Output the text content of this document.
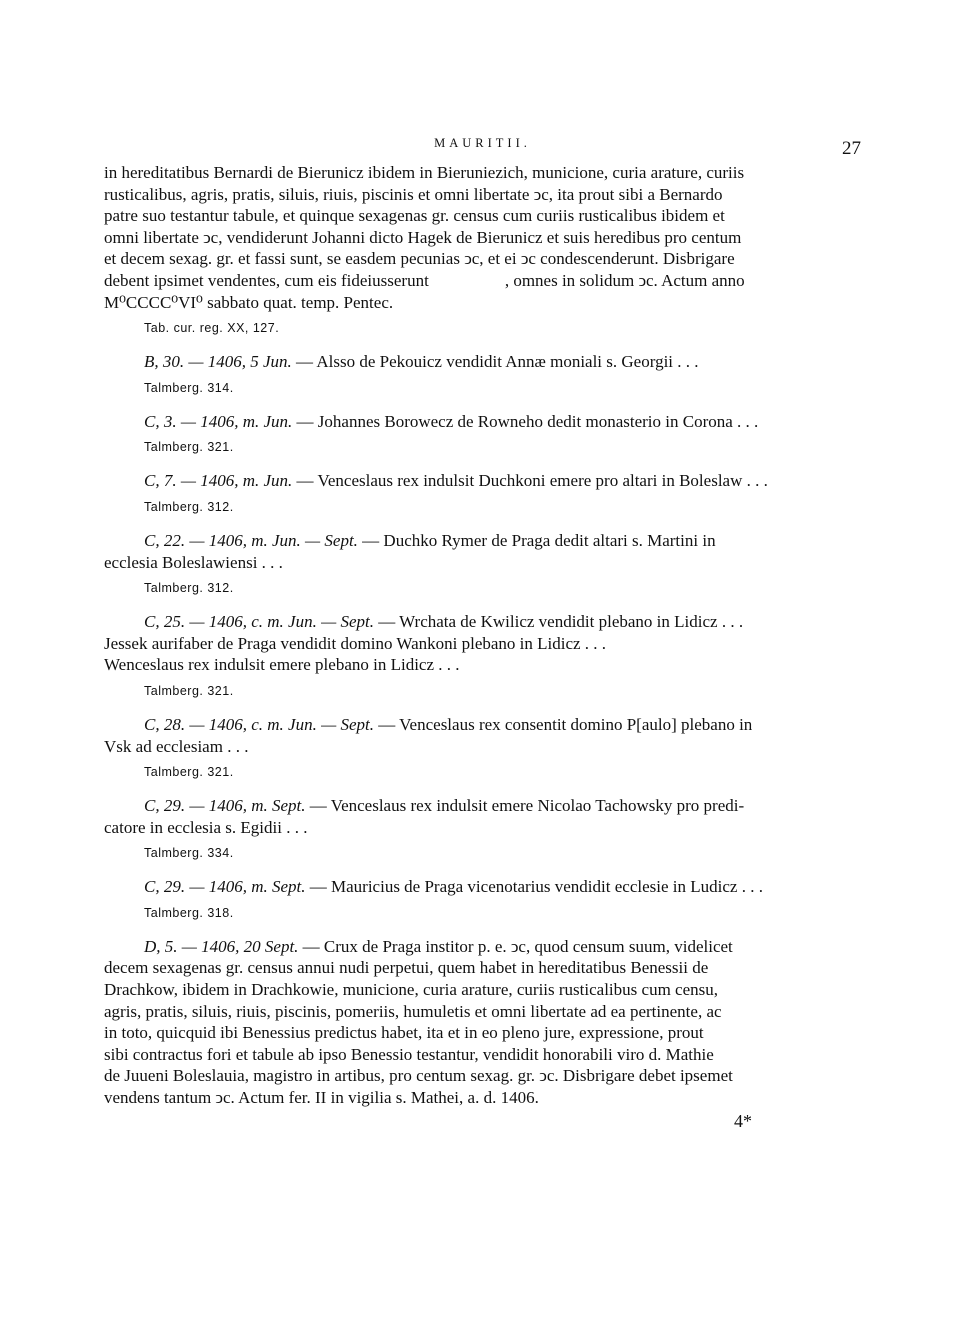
MAURITII.	27

in hereditatibus Bernardi de Bierunicz ibidem in Bierunieziсh, municione, curia arature, curiis
rusticalibus, agris, pratis, siluis, riuis, piscinis et omni libertate ͻc, ita prout sibi a Bernardo
patre suo testantur tabule, et quinque sexagenas gr. census cum curiis rusticalibus ibidem et
omni libertate ͻc, vendiderunt Johanni dicto Hagek de Bierunicz et suis heredibus pro centum
et decem sexag. gr. et fassi sunt, se easdem pecunias ͻc, et ei ͻc condescenderunt. Disbrigare
debent ipsimet vendentes, cum eis fideiusserunt	, omnes in solidum ͻc. Actum anno
M⁰CCCC⁰VI⁰ sabbato quat. temp. Pentec.

Tab. cur. reg. XX, 127.

B, 30. — 1406, 5 Jun. — Alsso de Pekouicz vendidit Annæ moniali s. Georgii . . .

Talmberg. 314.

C, 3. — 1406, m. Jun. — Johannes Borowecz de Rowneho dedit monasterio in Corona . . .

Talmberg. 321.

C, 7. — 1406, m. Jun. — Venceslaus rex indulsit Duchkoni emere pro altari in Boleslaw . . .

Talmberg. 312.

C, 22. — 1406, m. Jun. — Sept. — Duchko Rymer de Praga dedit altari s. Martini in
ecclesia Boleslawiensi . . .

Talmberg. 312.

C, 25. — 1406, c. m. Jun. — Sept. — Wrchata de Kwilicz vendidit plebano in Lidicz . . .
Jessek aurifaber de Praga vendidit domino Wankoni plebano in Lidicz . . .
Wenceslaus rex indulsit emere plebano in Lidicz . . .

Talmberg. 321.

C, 28. — 1406, c. m. Jun. — Sept. — Venceslaus rex consentit domino P[aulo] plebano in
Vsk ad ecclesiam . . .

Talmberg. 321.

C, 29. — 1406, m. Sept. — Venceslaus rex indulsit emere Nicolao Tachowsky pro predi-
catore in ecclesia s. Egidii . . .

Talmberg. 334.

C, 29. — 1406, m. Sept. — Mauricius de Praga vicenotarius vendidit ecclesie in Ludicz . . .

Talmberg. 318.

D, 5. — 1406, 20 Sept. — Crux de Praga institor p. e. ͻc, quod censum suum, videlicet
decem sexagenas gr. census annui nudi perpetui, quem habet in hereditatibus Benessii de
Drachkow, ibidem in Drachkowie, municione, curia arature, curiis rusticalibus cum censu,
agris, pratis, siluis, riuis, piscinis, pomeriis, humuletis et omni libertate ad ea pertinente, ac
in toto, quicquid ibi Benessius predictus habet, ita et in eo pleno jure, expressione, prout
sibi contractus fori et tabule ab ipso Benessio testantur, vendidit honorabili viro d. Mathie
de Juueni Boleslauia, magistro in artibus, pro centum sexag. gr. ͻc. Disbrigare debet ipsemet
vendens tantum ͻc. Actum fer. II in vigilia s. Mathei, a. d. 1406.

4*
